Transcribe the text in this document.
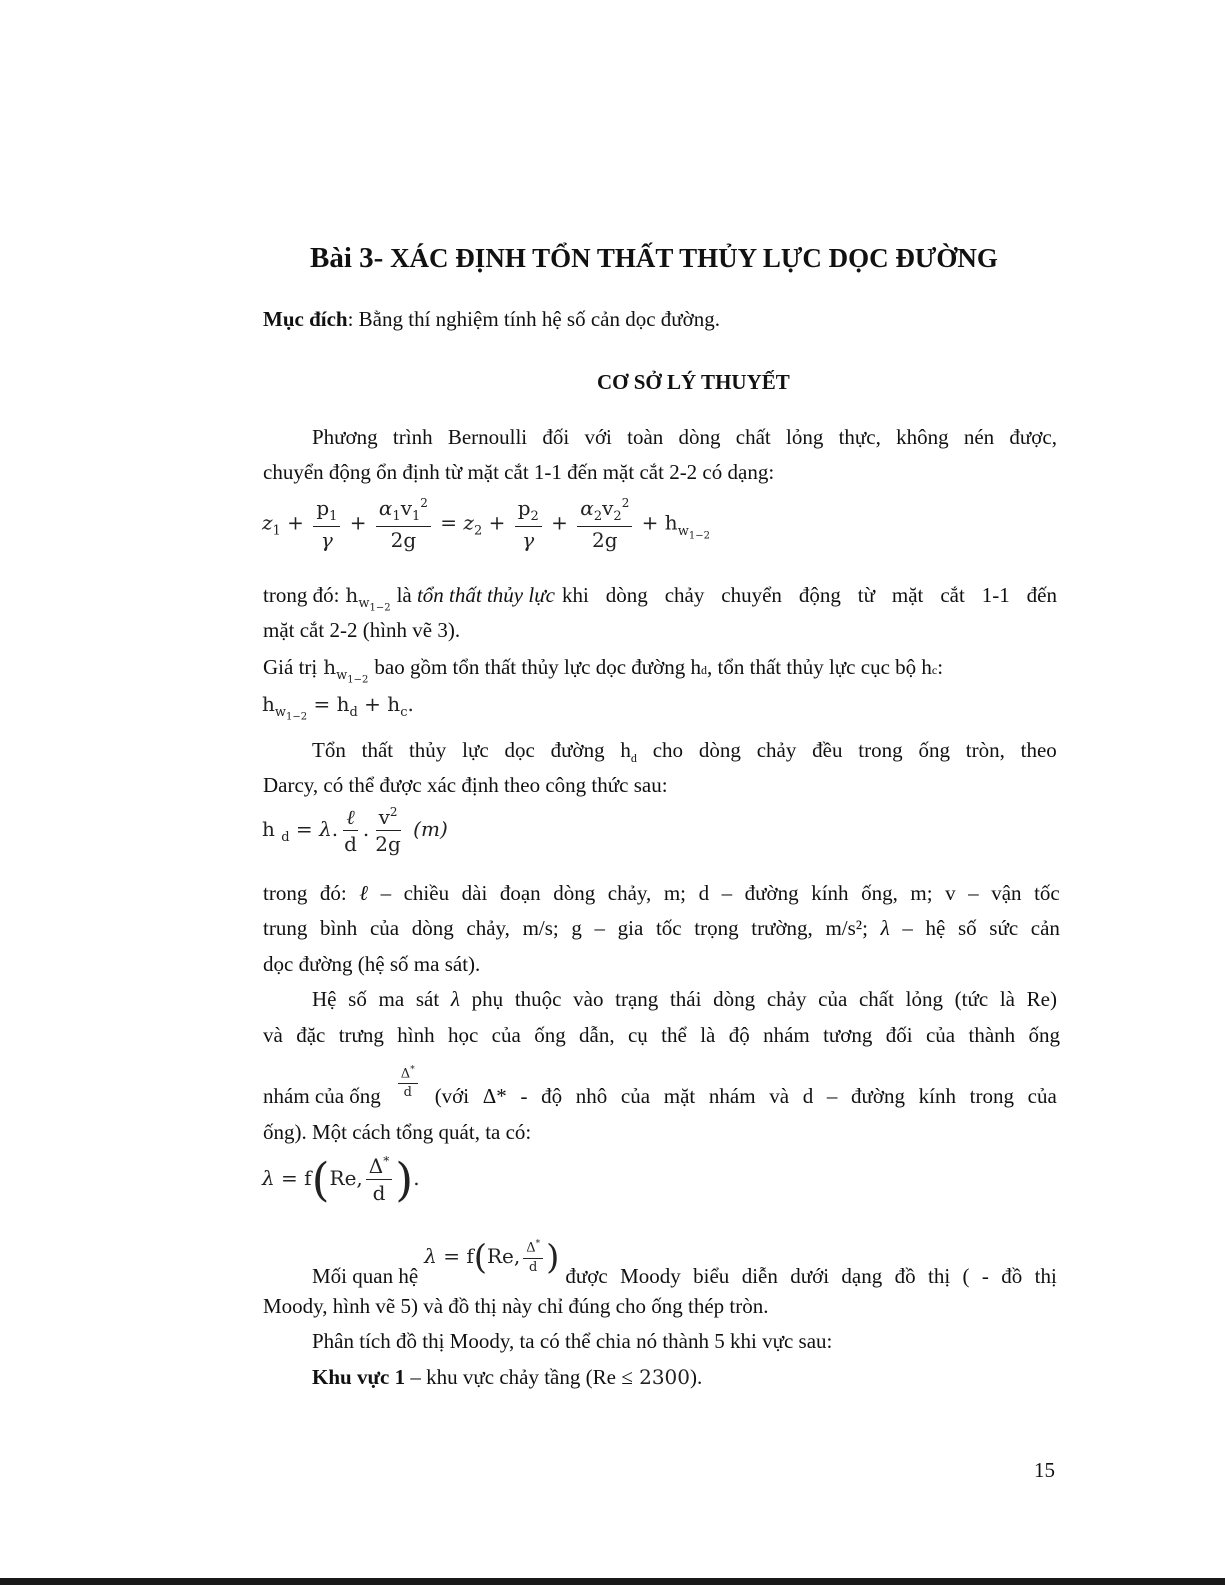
Bài 3- XÁC ĐỊNH TỔN THẤT THỦY LỰC DỌC ĐƯỜNG
Mục đích: Bằng thí nghiệm tính hệ số cản dọc đường.
CƠ SỞ LÝ THUYẾT
Phương trình Bernoulli đối với toàn dòng chất lỏng thực, không nén được,
chuyển động ổn định từ mặt cắt 1-1 đến mặt cắt 2-2 có dạng:
$z_1 + \frac{p_1}{\gamma} + \frac{\alpha_1v_1^2}{2g} = z_2 + \frac{p_2}{\gamma} + \frac{\alpha_2v_2^2}{2g} + h_{w_{1-2}}$
trong đó: $h_{w_{1-2}}$
là
tổn thất thủy lực khi dòng chảy chuyển động từ mặt cắt 1-1 đến
mặt cắt 2-2 (hình vẽ 3).
Giá trị $h_{w_{1-2}}$
bao gồm tổn thất thủy lực dọc đường h d , tổn thất thủy lực cục bộ h c :
$h_{w_{1-2}} = h_d + h_c$.
Tổn thất thủy lực dọc đường $h_d$ cho dòng chảy đều trong ống tròn, theo
Darcy, có thể được xác định theo công thức sau:
h $_d$ = λ. $\frac{\text{ℓ}}{d}$ . $\frac{v^2}{2g} (m)$
trong đó: ℓ – chiều dài đoạn dòng chảy, m; d – đường kính ống, m; v – vận tốc
trung bình của dòng chảy, m/s; g – gia tốc trọng trường, m/s²; λ – hệ số sức cản
dọc đường (hệ số ma sát).
Hệ số ma sát λ phụ thuộc vào trạng thái dòng chảy của chất lỏng (tức là Re)
và đặc trưng hình học của ống dẫn, cụ thể là độ nhám tương đối của thành ống
nhám của ống $\frac{\Delta^*}{d}$ (với Δ* - độ nhô của mặt nhám và d – đường kính trong của
ống). Một cách tổng quát, ta có:
λ = f(Re, $\frac{\Delta^*}{d}$ ).
Mối quan hệ
λ = f(Re, $\frac{\Delta^*}{d}$ ) được Moody biểu diễn dưới dạng đồ thị ( - đồ thị
Moody, hình vẽ 5) và đồ thị này chỉ đúng cho ống thép tròn.
Phân tích đồ thị Moody, ta có thể chia nó thành 5 khi vực sau:
Khu vực 1 – khu vực chảy tầng (Re ≤ 2300).
15
